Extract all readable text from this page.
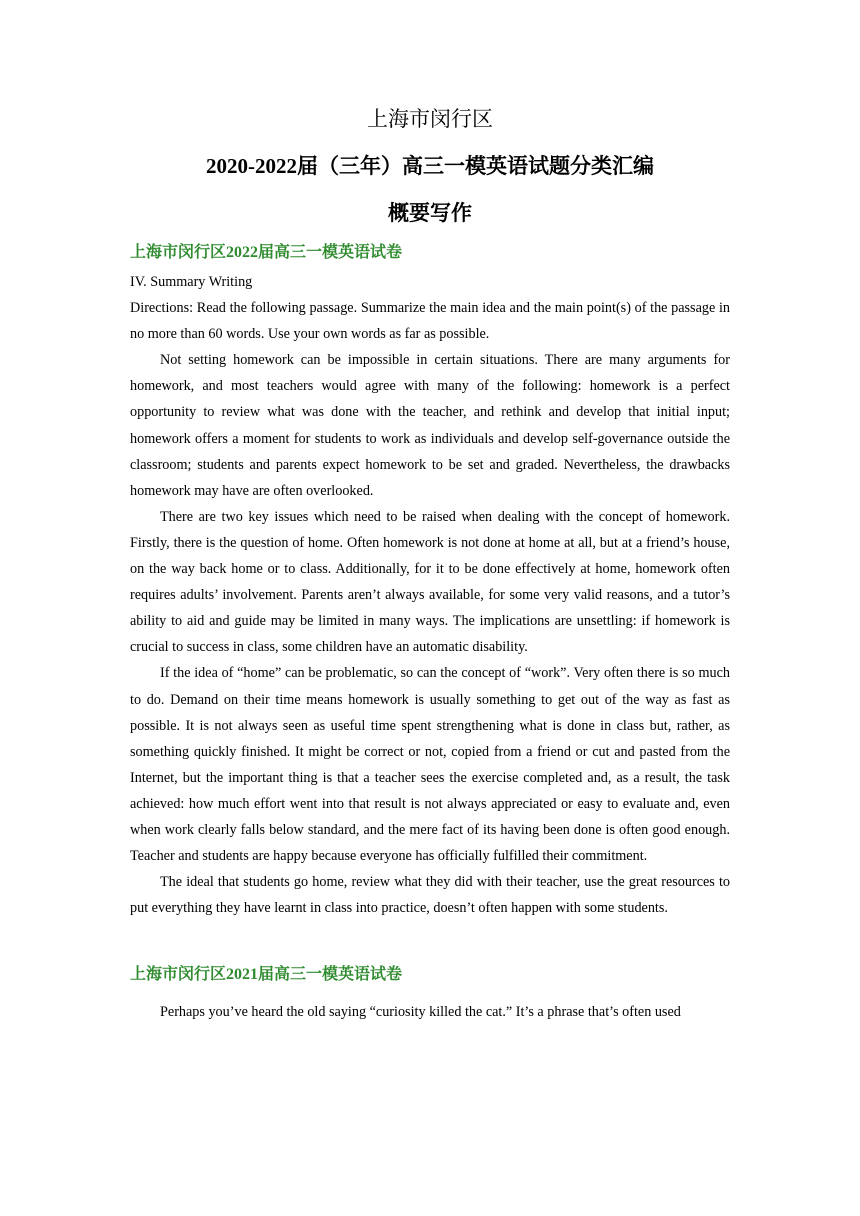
上海市闵行区

2020-2022届（三年）高三一模英语试题分类汇编

概要写作

上海市闵行区2022届高三一模英语试卷

IV. Summary Writing

Directions: Read the following passage. Summarize the main idea and the main point(s) of the passage in no more than 60 words. Use your own words as far as possible.

Not setting homework can be impossible in certain situations. There are many arguments for homework, and most teachers would agree with many of the following: homework is a perfect opportunity to review what was done with the teacher, and rethink and develop that initial input; homework offers a moment for students to work as individuals and develop self-governance outside the classroom; students and parents expect homework to be set and graded. Nevertheless, the drawbacks homework may have are often overlooked.

There are two key issues which need to be raised when dealing with the concept of homework. Firstly, there is the question of home. Often homework is not done at home at all, but at a friend’s house, on the way back home or to class. Additionally, for it to be done effectively at home, homework often requires adults’ involvement. Parents aren’t always available, for some very valid reasons, and a tutor’s ability to aid and guide may be limited in many ways. The implications are unsettling: if homework is crucial to success in class, some children have an automatic disability.

If the idea of “home” can be problematic, so can the concept of “work”. Very often there is so much to do. Demand on their time means homework is usually something to get out of the way as fast as possible. It is not always seen as useful time spent strengthening what is done in class but, rather, as something quickly finished. It might be correct or not, copied from a friend or cut and pasted from the Internet, but the important thing is that a teacher sees the exercise completed and, as a result, the task achieved: how much effort went into that result is not always appreciated or easy to evaluate and, even when work clearly falls below standard, and the mere fact of its having been done is often good enough. Teacher and students are happy because everyone has officially fulfilled their commitment.

The ideal that students go home, review what they did with their teacher, use the great resources to put everything they have learnt in class into practice, doesn’t often happen with some students.

上海市闵行区2021届高三一模英语试卷

Perhaps you’ve heard the old saying “curiosity killed the cat.” It’s a phrase that’s often used
